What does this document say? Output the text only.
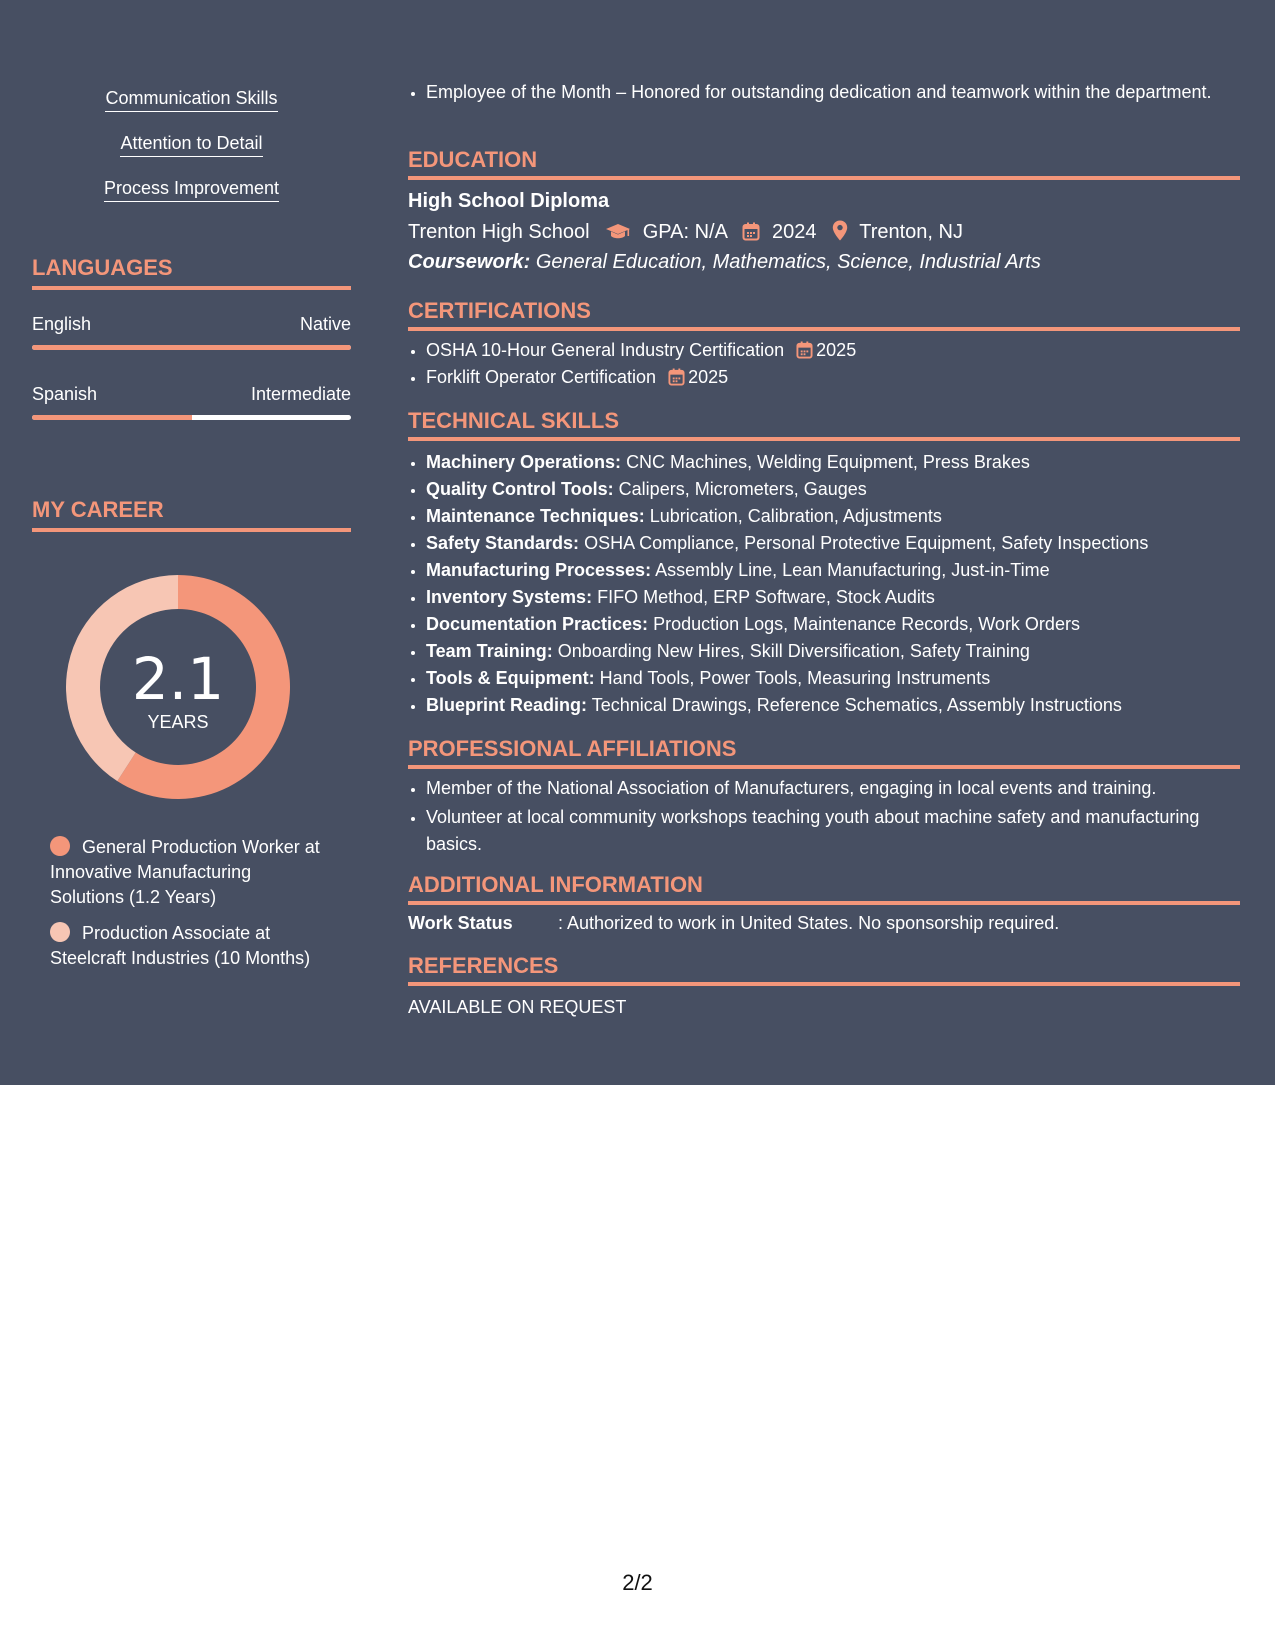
Communication Skills
Attention to Detail
Process Improvement
LANGUAGES
English	Native
Spanish	Intermediate
MY CAREER
2.1
YEARS
General Production Worker at Innovative Manufacturing Solutions (1.2 Years)
Production Associate at Steelcraft Industries (10 Months)
• Employee of the Month – Honored for outstanding dedication and teamwork within the department.
EDUCATION
High School Diploma
Trenton High School	GPA: N/A 2024 Trenton, NJ
Coursework: General Education, Mathematics, Science, Industrial Arts
CERTIFICATIONS
• OSHA 10-Hour General Industry Certification 2025
• Forklift Operator Certification 2025
TECHNICAL SKILLS
• Machinery Operations: CNC Machines, Welding Equipment, Press Brakes
• Quality Control Tools: Calipers, Micrometers, Gauges
• Maintenance Techniques: Lubrication, Calibration, Adjustments
• Safety Standards: OSHA Compliance, Personal Protective Equipment, Safety Inspections
• Manufacturing Processes: Assembly Line, Lean Manufacturing, Just-in-Time
• Inventory Systems: FIFO Method, ERP Software, Stock Audits
• Documentation Practices: Production Logs, Maintenance Records, Work Orders
• Team Training: Onboarding New Hires, Skill Diversification, Safety Training
• Tools & Equipment: Hand Tools, Power Tools, Measuring Instruments
• Blueprint Reading: Technical Drawings, Reference Schematics, Assembly Instructions
PROFESSIONAL AFFILIATIONS
• Member of the National Association of Manufacturers, engaging in local events and training.
• Volunteer at local community workshops teaching youth about machine safety and manufacturing basics.
ADDITIONAL INFORMATION
Work Status	: Authorized to work in United States. No sponsorship required.
REFERENCES
AVAILABLE ON REQUEST
2/2
